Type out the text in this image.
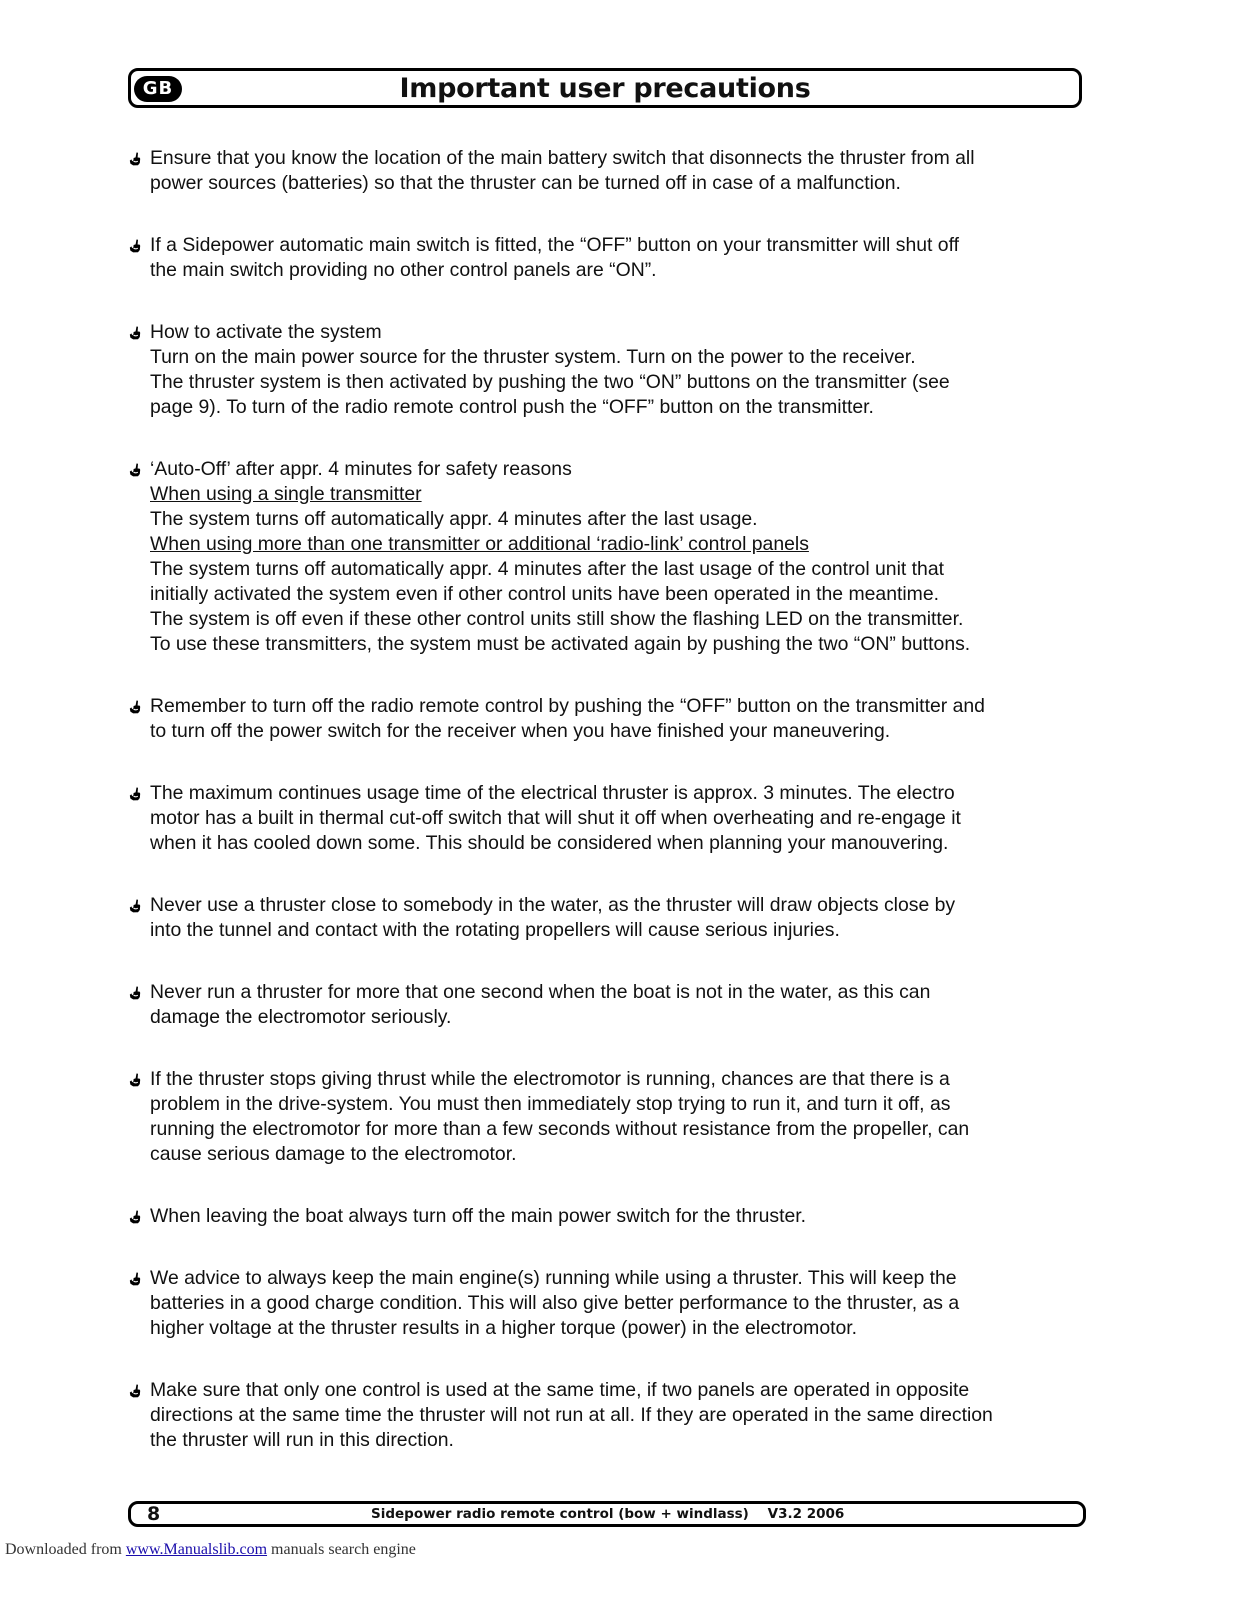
GB	Important user precautions
Ensure that you know the location of the main battery switch that disonnects the thruster from all
power sources (batteries) so that the thruster can be turned off in case of a malfunction.
If a Sidepower automatic main switch is fitted, the “OFF” button on your transmitter will shut off
the main switch providing no other control panels are “ON”.
How to activate the system
Turn on the main power source for the thruster system. Turn on the power to the receiver.
The thruster system is then activated by pushing the two “ON” buttons on the transmitter (see
page 9). To turn of the radio remote control push the “OFF” button on the transmitter.
‘Auto-Off’ after appr. 4 minutes for safety reasons
When using a single transmitter
The system turns off automatically appr. 4 minutes after the last usage.
When using more than one transmitter or additional ‘radio-link’ control panels
The system turns off automatically appr. 4 minutes after the last usage of the control unit that
initially activated the system even if other control units have been operated in the meantime.
The system is off even if these other control units still show the flashing LED on the transmitter.
To use these transmitters, the system must be activated again by pushing the two “ON” buttons.
Remember to turn off the radio remote control by pushing the “OFF” button on the transmitter and
to turn off the power switch for the receiver when you have finished your maneuvering.
The maximum continues usage time of the electrical thruster is approx. 3 minutes. The electro
motor has a built in thermal cut-off switch that will shut it off when overheating and re-engage it
when it has cooled down some. This should be considered when planning your manouvering.
Never use a thruster close to somebody in the water, as the thruster will draw objects close by
into the tunnel and contact with the rotating propellers will cause serious injuries.
Never run a thruster for more that one second when the boat is not in the water, as this can
damage the electromotor seriously.
If the thruster stops giving thrust while the electromotor is running, chances are that there is a
problem in the drive-system. You must then immediately stop trying to run it, and turn it off, as
running the electromotor for more than a few seconds without resistance from the propeller, can
cause serious damage to the electromotor.
When leaving the boat always turn off the main power switch for the thruster.
We advice to always keep the main engine(s) running while using a thruster. This will keep the
batteries in a good charge condition. This will also give better performance to the thruster, as a
higher voltage at the thruster results in a higher torque (power) in the electromotor.
Make sure that only one control is used at the same time, if two panels are operated in opposite
directions at the same time the thruster will not run at all. If they are operated in the same direction
the thruster will run in this direction.
8	Sidepower radio remote control (bow + windlass)    V3.2 2006
Downloaded from www.Manualslib.com manuals search engine
